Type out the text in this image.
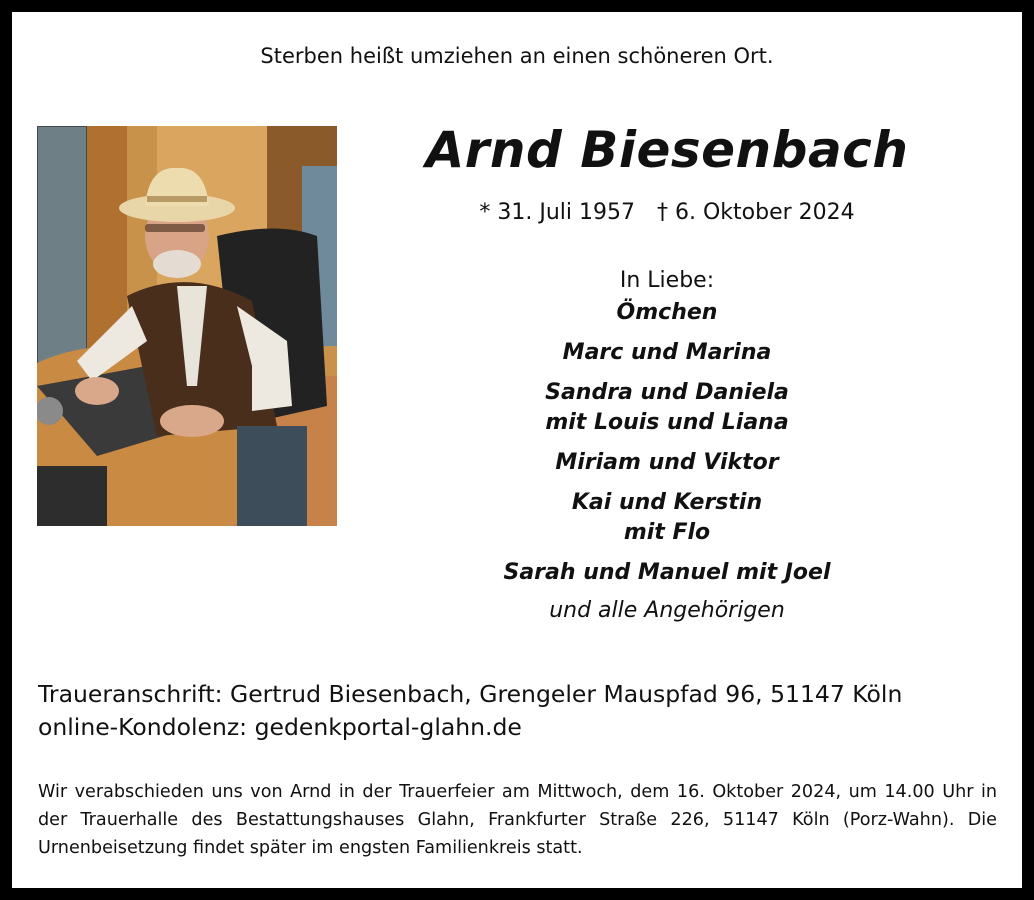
Sterben heißt umziehen an einen schöneren Ort.
Arnd Biesenbach
* 31. Juli 1957 † 6. Oktober 2024
In Liebe:
Ömchen
Marc und Marina
Sandra und Daniela
mit Louis und Liana
Miriam und Viktor
Kai und Kerstin
mit Flo
Sarah und Manuel mit Joel
und alle Angehörigen
Traueranschrift: Gertrud Biesenbach, Grengeler Mauspfad 96, 51147 Köln
online-Kondolenz: gedenkportal-glahn.de
Wir verabschieden uns von Arnd in der Trauerfeier am Mittwoch, dem 16. Oktober 2024, um 14.00 Uhr in der Trauerhalle des Bestattungshauses Glahn, Frankfurter Straße 226, 51147 Köln (Porz-Wahn). Die Urnenbeisetzung findet später im engsten Familienkreis statt.
